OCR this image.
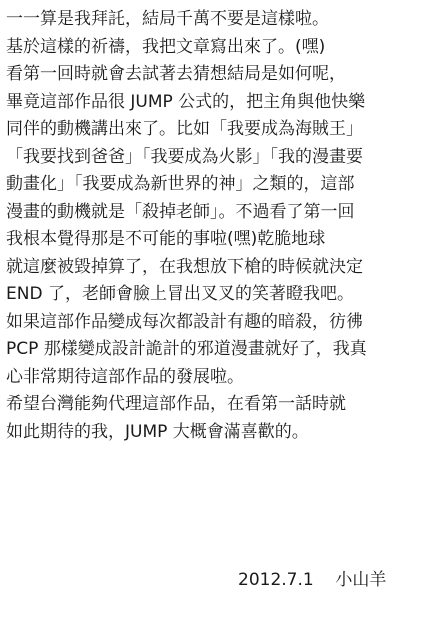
一一算是我拜託，結局千萬不要是這樣啦。
基於這樣的祈禱，我把文章寫出來了。(嘿)
看第一回時就會去試著去猜想結局是如何呢，
畢竟這部作品很 JUMP 公式的，把主角與他快樂
同伴的動機講出來了。比如「我要成為海賊王」
「我要找到爸爸」「我要成為火影」「我的漫畫要
動畫化」「我要成為新世界的神」之類的，這部
漫畫的動機就是「殺掉老師」。不過看了第一回
我根本覺得那是不可能的事啦(嘿)乾脆地球
就這麼被毀掉算了，在我想放下槍的時候就決定
END 了，老師會臉上冒出叉叉的笑著瞪我吧。
如果這部作品變成每次都設計有趣的暗殺，彷彿
PCP 那樣變成設計詭計的邪道漫畫就好了，我真
心非常期待這部作品的發展啦。
希望台灣能夠代理這部作品，在看第一話時就
如此期待的我，JUMP 大概會滿喜歡的。
2012.7.1 小山羊
